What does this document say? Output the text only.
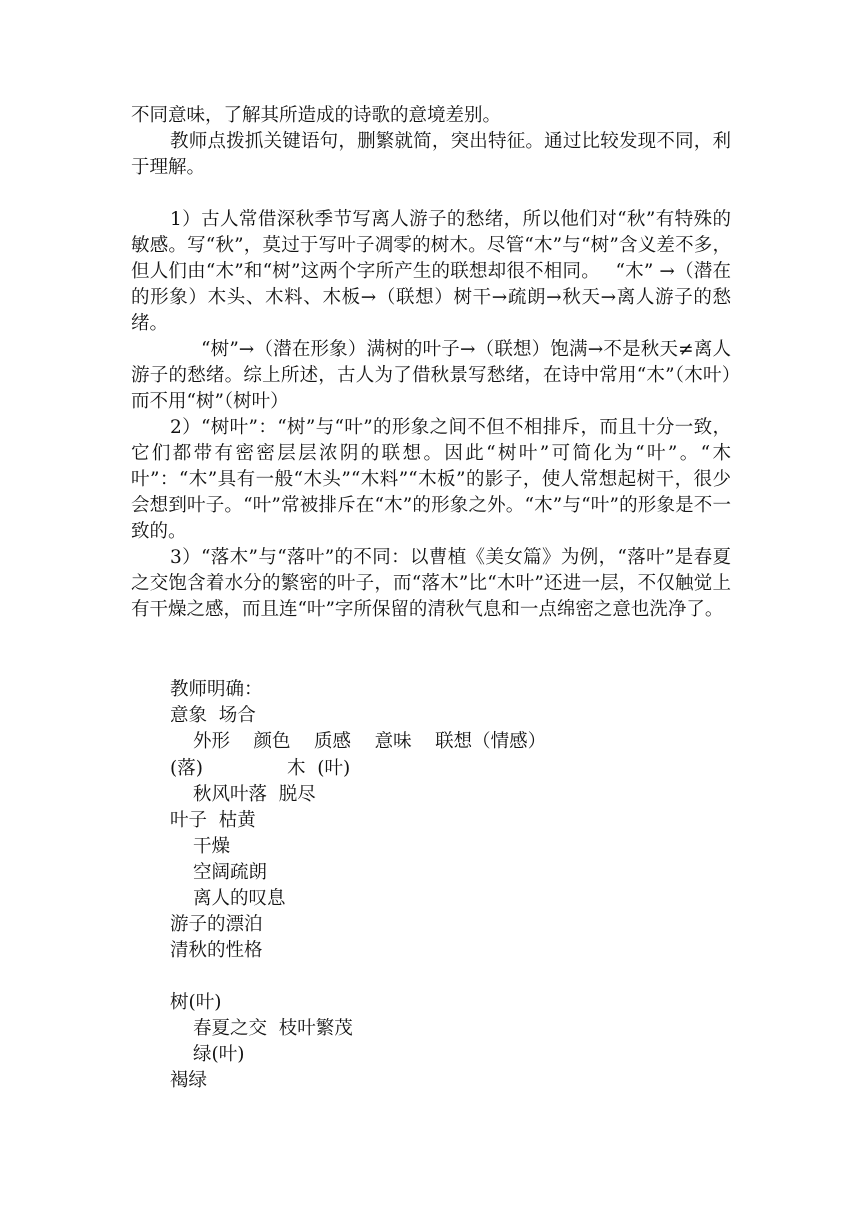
不同意味，了解其所造成的诗歌的意境差别。

教师点拨抓关键语句，删繁就简，突出特征。通过比较发现不同，利于理解。

1）古人常借深秋季节写离人游子的愁绪，所以他们对“秋”有特殊的敏感。写“秋”，莫过于写叶子凋零的树木。尽管“木”与“树”含义差不多，但人们由“木”和“树”这两个字所产生的联想却很不相同。　 “木” →（潜在的形象）木头、木料、木板→（联想）树干→疏朗→秋天→离人游子的愁绪。

“树”→（潜在形象）满树的叶子→（联想）饱满→不是秋天≠离人游子的愁绪。综上所述，古人为了借秋景写愁绪，在诗中常用“木”（木叶）而不用“树”（树叶）

2）“树叶”：“树”与“叶”的形象之间不但不相排斥，而且十分一致，它们都带有密密层层浓阴的联想。因此“树叶”可简化为“叶”。“木叶”：“木”具有一般“木头”“木料”“木板”的影子，使人常想起树干，很少会想到叶子。“叶”常被排斥在“木”的形象之外。“木”与“叶”的形象是不一致的。

3）“落木”与“落叶”的不同：以曹植《美女篇》为例，“落叶”是春夏之交饱含着水分的繁密的叶子，而“落木”比“木叶”还进一层，不仅触觉上有干燥之感，而且连“叶”字所保留的清秋气息和一点绵密之意也洗净了。

教师明确：
意象  场合
外形    颜色    质感    意味    联想（情感）
(落)	木  (叶)
秋风叶落  脱尽
叶子  枯黄
干燥
空阔疏朗
离人的叹息
游子的漂泊
清秋的性格
树(叶)
春夏之交  枝叶繁茂
绿(叶)
褐绿
